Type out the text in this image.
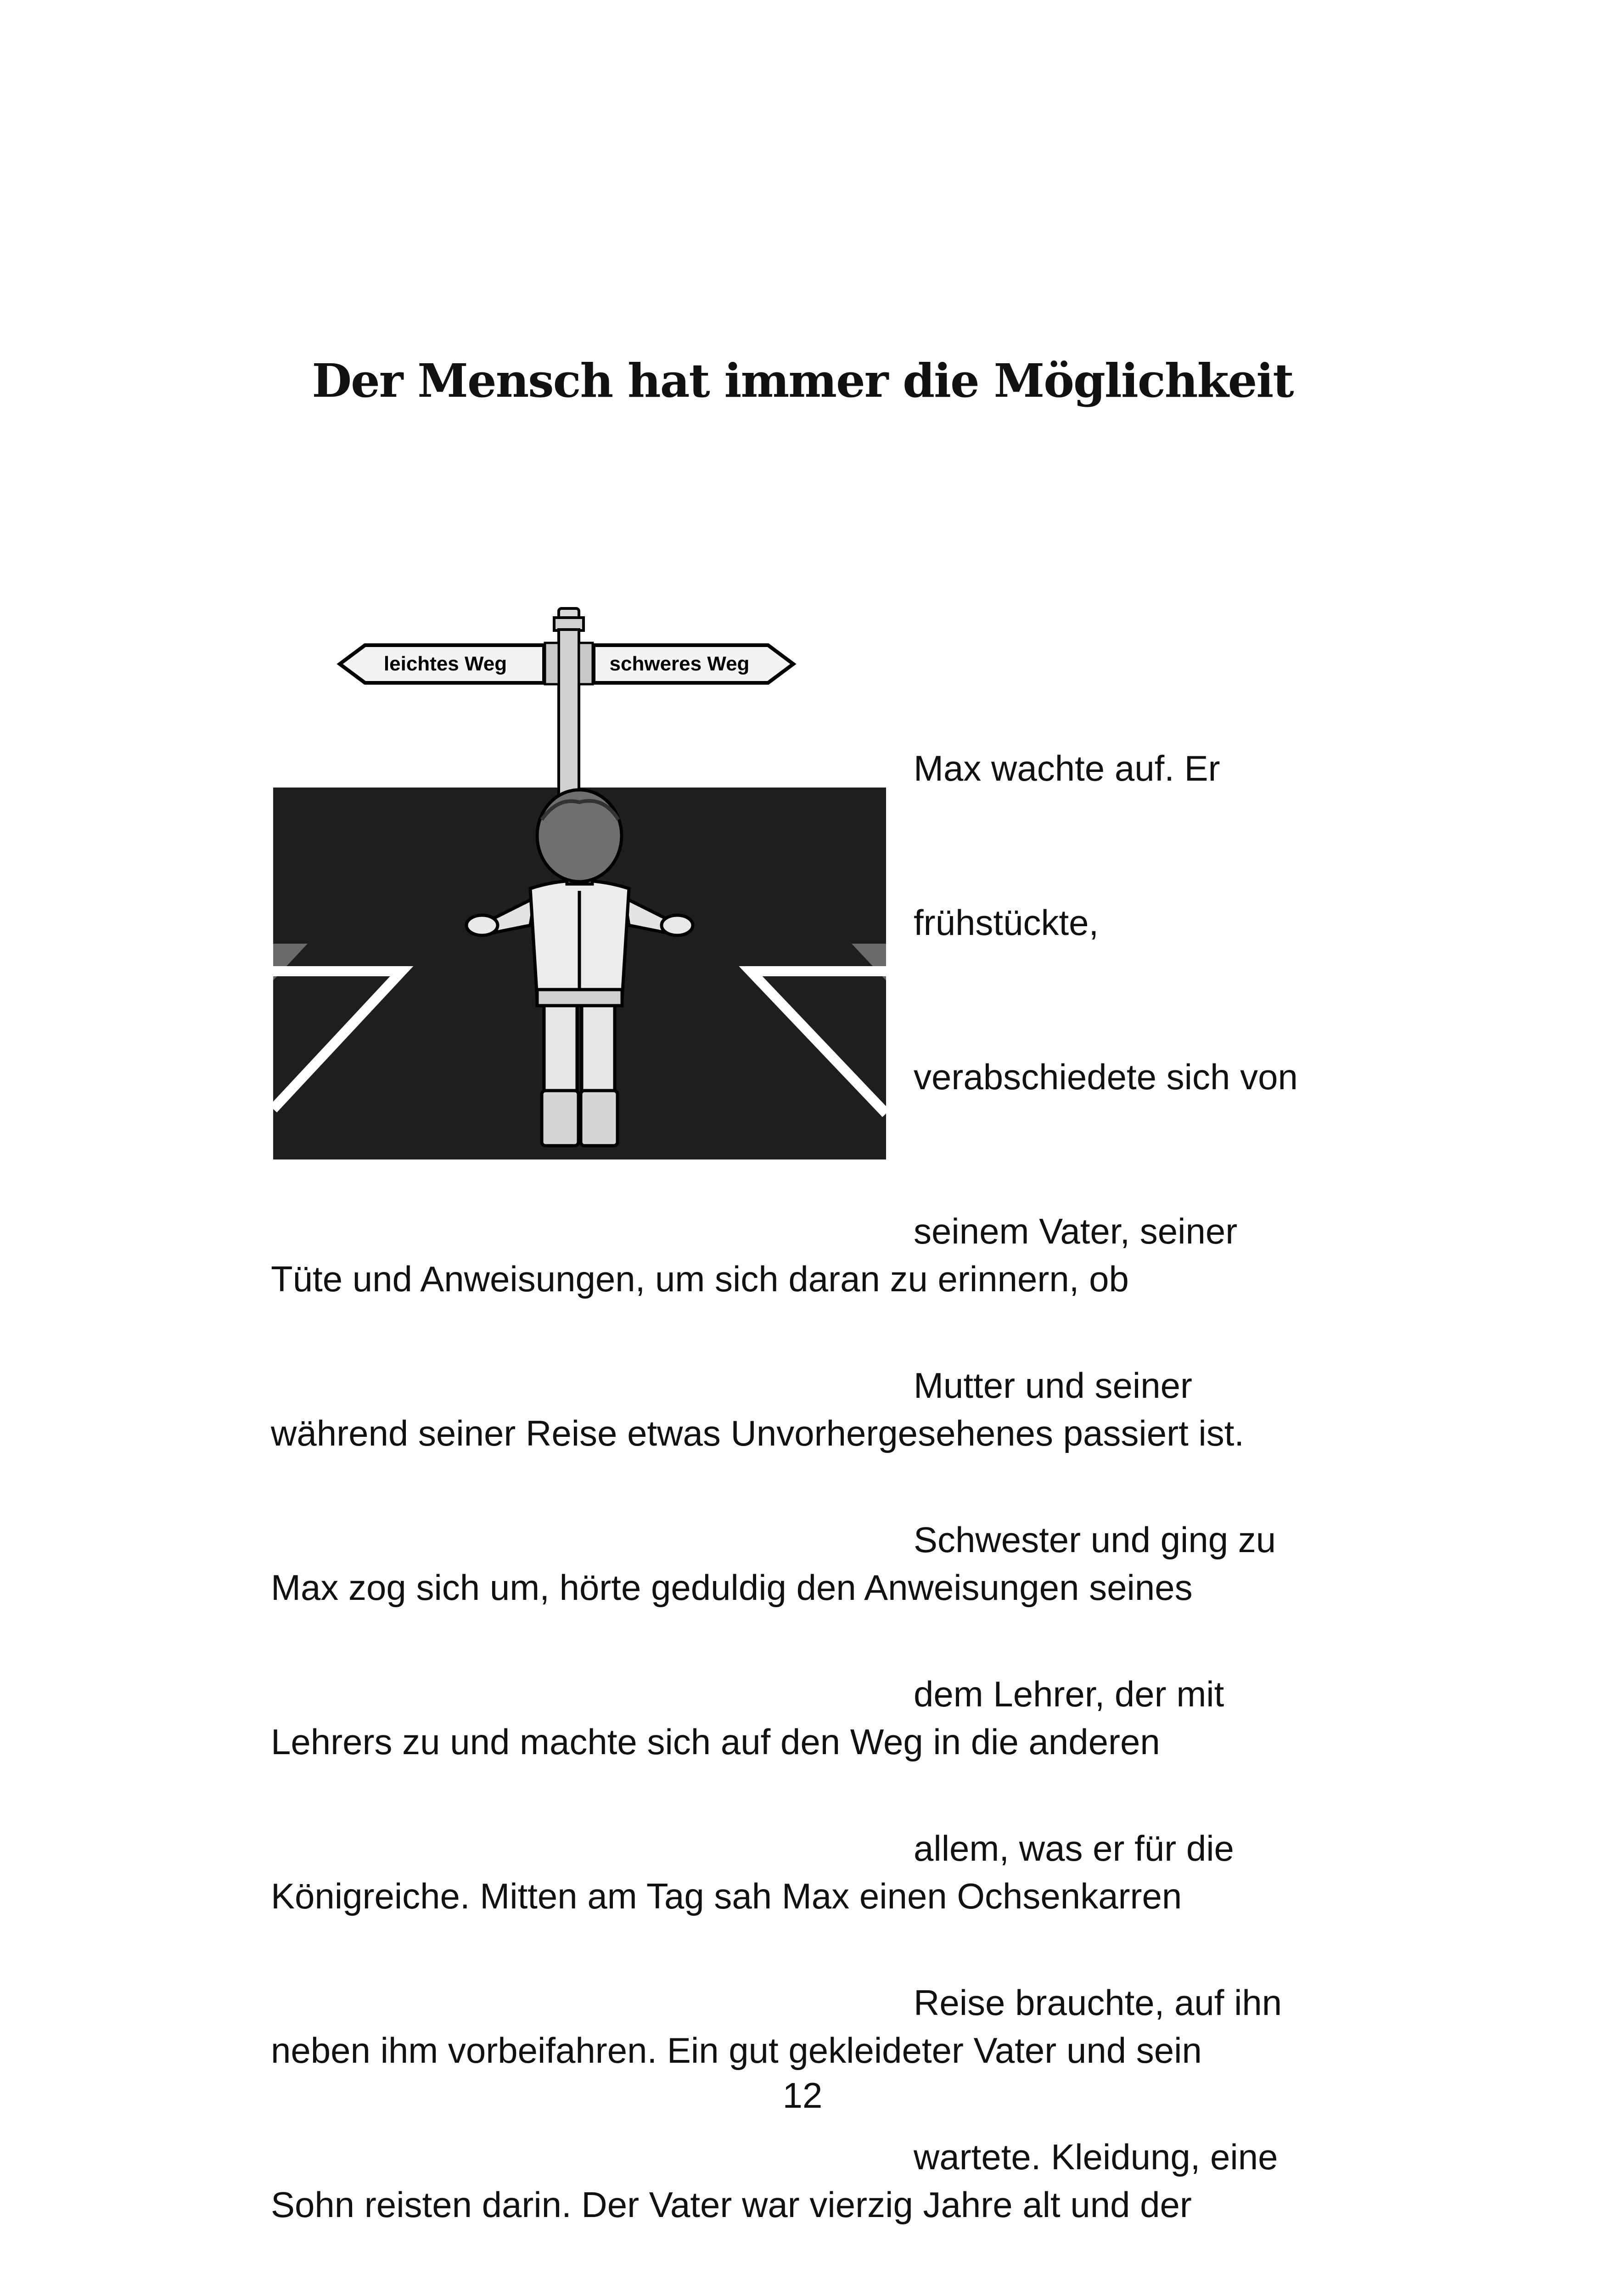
Der Mensch hat immer die Möglichkeit
leichtes Weg	schweres Weg

Max wachte auf. Er

frühstückte,

verabschiedete sich von

seinem Vater, seiner

Mutter und seiner

Schwester und ging zu

dem Lehrer, der mit

allem, was er für die

Reise brauchte, auf ihn

wartete. Kleidung, eine

Tüte und Anweisungen, um sich daran zu erinnern, ob

während seiner Reise etwas Unvorhergesehenes passiert ist.

Max zog sich um, hörte geduldig den Anweisungen seines

Lehrers zu und machte sich auf den Weg in die anderen

Königreiche. Mitten am Tag sah Max einen Ochsenkarren

neben ihm vorbeifahren. Ein gut gekleideter Vater und sein

Sohn reisten darin. Der Vater war vierzig Jahre alt und der

12
